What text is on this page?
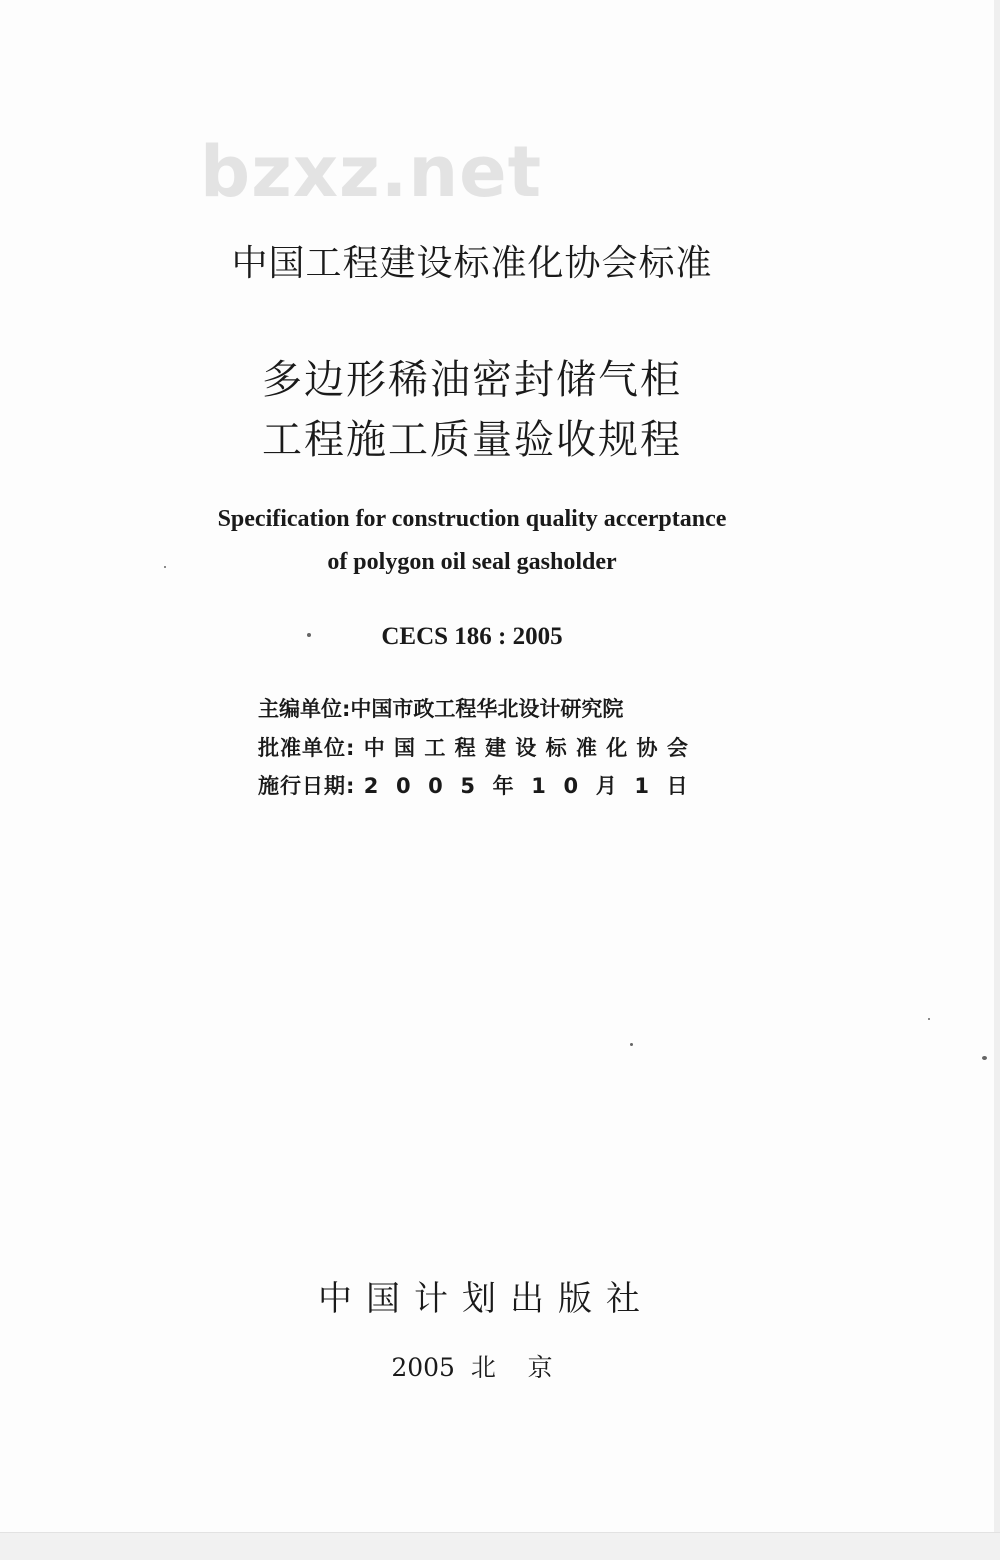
bzxz.net
中国工程建设标准化协会标准
多边形稀油密封储气柜
工程施工质量验收规程
Specification for construction quality accerptance
of polygon oil seal gasholder
CECS 186 : 2005
主编单位:中国市政工程华北设计研究院
批准单位: 中 国 工 程 建 设 标 准 化 协 会
施行日期: 2  0  0  5  年  1  0  月  1  日
中国计划出版社
2005  北    京
